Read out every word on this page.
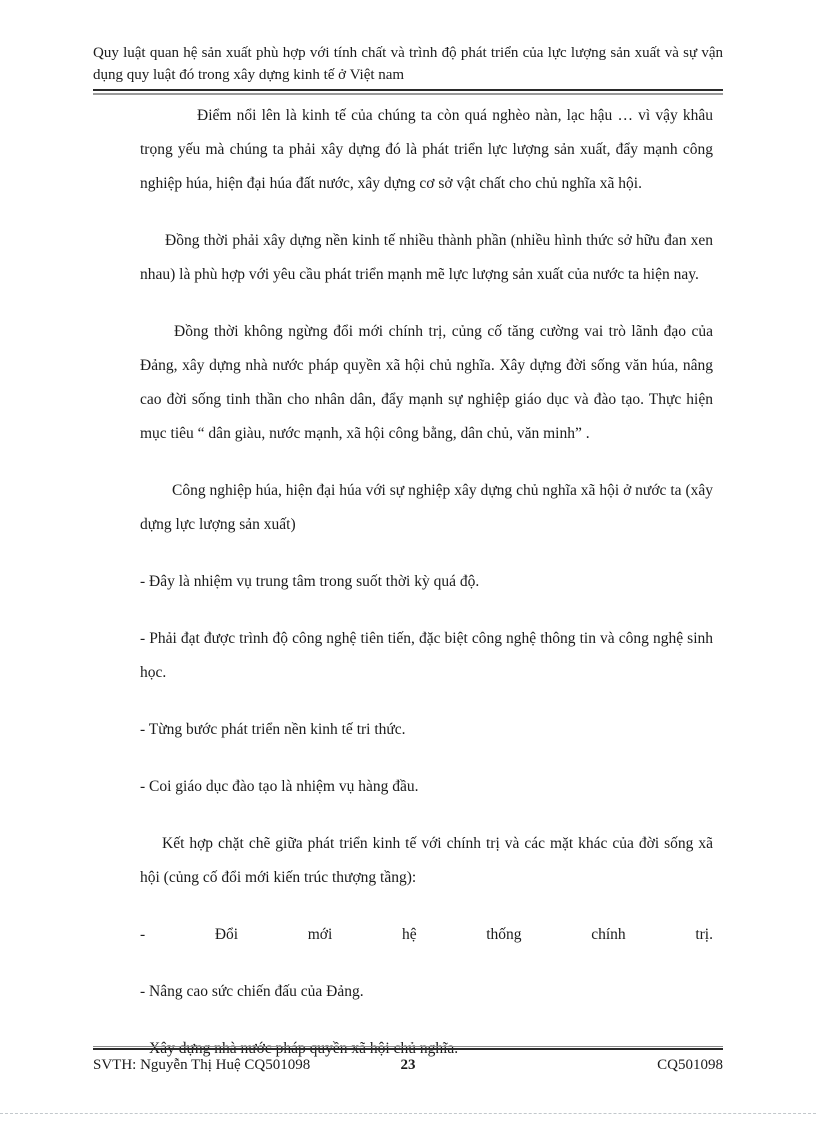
Quy luật quan hệ sản xuất phù hợp với tính chất và trình độ phát triển của lực lượng sản xuất và sự vận dụng quy luật đó trong xây dựng kinh tế ở Việt nam

Điểm nổi lên là kinh tế của chúng ta còn quá nghèo nàn, lạc hậu … vì vậy khâu trọng yếu mà chúng ta phải xây dựng đó là phát triển lực lượng sản xuất, đẩy mạnh công nghiệp húa, hiện đại húa đất nước, xây dựng cơ sở vật chất cho chủ nghĩa xã hội.

Đồng thời phải xây dựng nền kinh tế nhiều thành phần (nhiều hình thức sở hữu đan xen nhau) là phù hợp với yêu cầu phát triển mạnh mẽ lực lượng sản xuất của nước ta hiện nay.

Đồng thời không ngừng đổi mới chính trị, củng cố tăng cường vai trò lãnh đạo của Đảng, xây dựng nhà nước pháp quyền xã hội chủ nghĩa. Xây dựng đời sống văn húa, nâng cao đời sống tinh thần cho nhân dân, đẩy mạnh sự nghiệp giáo dục và đào tạo. Thực hiện mục tiêu “ dân giàu, nước mạnh, xã hội công bằng, dân chủ, văn minh” .

Công nghiệp húa, hiện đại húa với sự nghiệp xây dựng chủ nghĩa xã hội ở nước ta (xây dựng lực lượng sản xuất)

- Đây là nhiệm vụ trung tâm trong suốt thời kỳ quá độ.

- Phải đạt được trình độ công nghệ tiên tiến, đặc biệt công nghệ thông tin và công nghệ sinh học.

- Từng bước phát triển nền kinh tế tri thức.

- Coi giáo dục đào tạo là nhiệm vụ hàng đầu.

Kết hợp chặt chẽ giữa phát triển kinh tế với chính trị và các mặt khác của đời sống xã hội (củng cố đổi mới kiến trúc thượng tầng):

-	Đổi	mới	hệ	thống	chính	trị.

- Nâng cao sức chiến đấu của Đảng.

- Xây dựng nhà nước pháp quyền xã hội chủ nghĩa.

SVTH: Nguyễn Thị Huệ CQ501098	23	CQ501098
